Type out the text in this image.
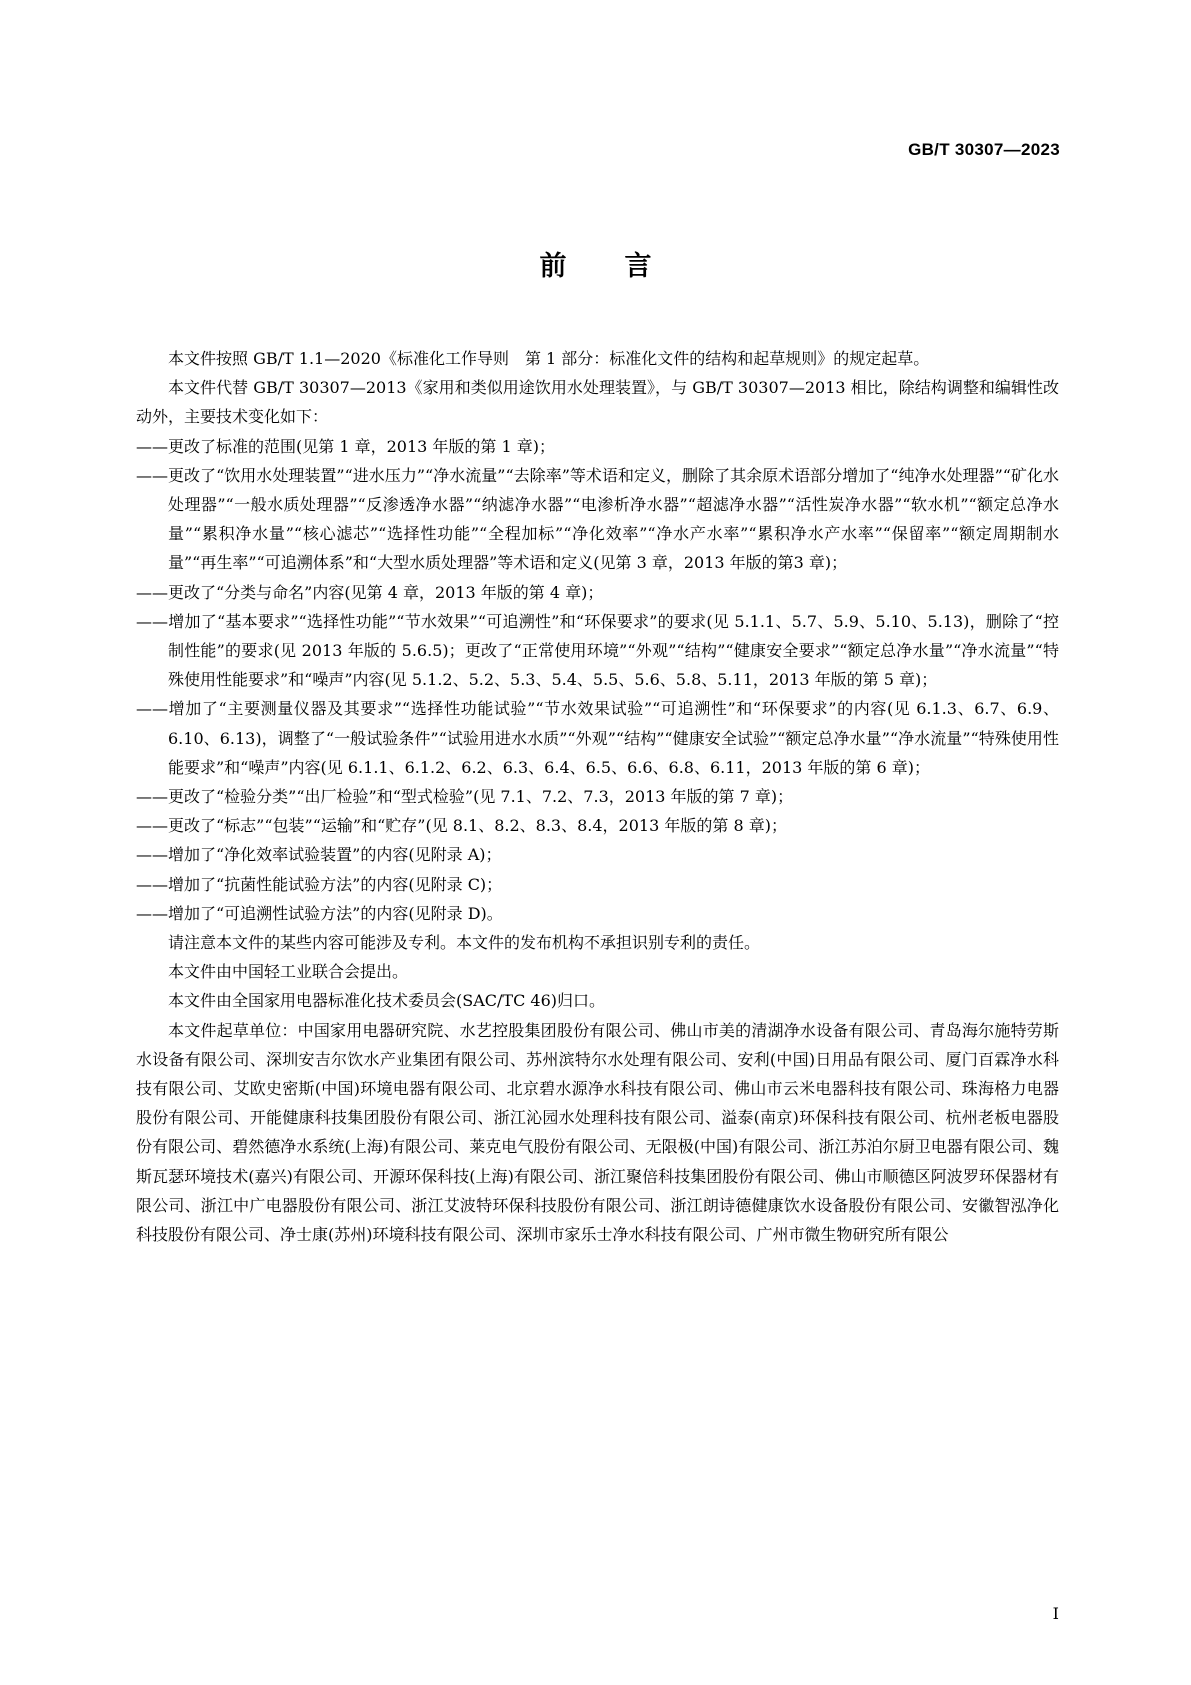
GB/T 30307—2023

前言

本文件按照 GB/T 1.1—2020《标准化工作导则　第 1 部分：标准化文件的结构和起草规则》的规定起草。

本文件代替 GB/T 30307—2013《家用和类似用途饮用水处理装置》，与 GB/T 30307—2013 相比，除结构调整和编辑性改动外，主要技术变化如下：

——更改了标准的范围(见第 1 章，2013 年版的第 1 章)；

——更改了“饮用水处理装置”“进水压力”“净水流量”“去除率”等术语和定义，删除了其余原术语部分增加了“纯净水处理器”“矿化水处理器”“一般水质处理器”“反渗透净水器”“纳滤净水器”“电渗析净水器”“超滤净水器”“活性炭净水器”“软水机”“额定总净水量”“累积净水量”“核心滤芯”“选择性功能”“全程加标”“净化效率”“净水产水率”“累积净水产水率”“保留率”“额定周期制水量”“再生率”“可追溯体系”和“大型水质处理器”等术语和定义(见第 3 章，2013 年版的第3 章)；

——更改了“分类与命名”内容(见第 4 章，2013 年版的第 4 章)；

——增加了“基本要求”“选择性功能”“节水效果”“可追溯性”和“环保要求”的要求(见 5.1.1、5.7、5.9、5.10、5.13)，删除了“控制性能”的要求(见 2013 年版的 5.6.5)；更改了“正常使用环境”“外观”“结构”“健康安全要求”“额定总净水量”“净水流量”“特殊使用性能要求”和“噪声”内容(见 5.1.2、5.2、5.3、5.4、5.5、5.6、5.8、5.11，2013 年版的第 5 章)；

——增加了“主要测量仪器及其要求”“选择性功能试验”“节水效果试验”“可追溯性”和“环保要求”的内容(见 6.1.3、6.7、6.9、6.10、6.13)，调整了“一般试验条件”“试验用进水水质”“外观”“结构”“健康安全试验”“额定总净水量”“净水流量”“特殊使用性能要求”和“噪声”内容(见 6.1.1、6.1.2、6.2、6.3、6.4、6.5、6.6、6.8、6.11，2013 年版的第 6 章)；

——更改了“检验分类”“出厂检验”和“型式检验”(见 7.1、7.2、7.3，2013 年版的第 7 章)；

——更改了“标志”“包装”“运输”和“贮存”(见 8.1、8.2、8.3、8.4，2013 年版的第 8 章)；

——增加了“净化效率试验装置”的内容(见附录 A)；

——增加了“抗菌性能试验方法”的内容(见附录 C)；

——增加了“可追溯性试验方法”的内容(见附录 D)。

请注意本文件的某些内容可能涉及专利。本文件的发布机构不承担识别专利的责任。

本文件由中国轻工业联合会提出。

本文件由全国家用电器标准化技术委员会(SAC/TC 46)归口。

本文件起草单位：中国家用电器研究院、水艺控股集团股份有限公司、佛山市美的清湖净水设备有限公司、青岛海尔施特劳斯水设备有限公司、深圳安吉尔饮水产业集团有限公司、苏州滨特尔水处理有限公司、安利(中国)日用品有限公司、厦门百霖净水科技有限公司、艾欧史密斯(中国)环境电器有限公司、北京碧水源净水科技有限公司、佛山市云米电器科技有限公司、珠海格力电器股份有限公司、开能健康科技集团股份有限公司、浙江沁园水处理科技有限公司、溢泰(南京)环保科技有限公司、杭州老板电器股份有限公司、碧然德净水系统(上海)有限公司、莱克电气股份有限公司、无限极(中国)有限公司、浙江苏泊尔厨卫电器有限公司、魏斯瓦瑟环境技术(嘉兴)有限公司、开源环保科技(上海)有限公司、浙江聚倍科技集团股份有限公司、佛山市顺德区阿波罗环保器材有限公司、浙江中广电器股份有限公司、浙江艾波特环保科技股份有限公司、浙江朗诗德健康饮水设备股份有限公司、安徽智泓净化科技股份有限公司、净士康(苏州)环境科技有限公司、深圳市家乐士净水科技有限公司、广州市微生物研究所有限公

I
